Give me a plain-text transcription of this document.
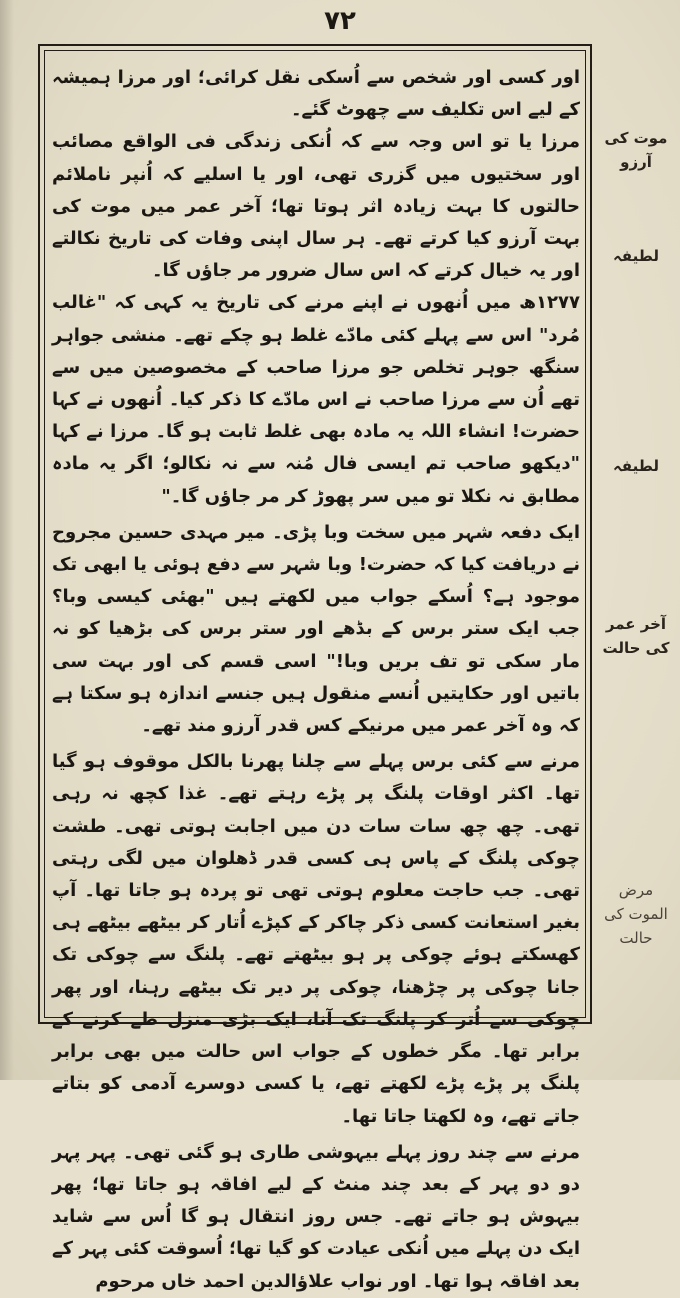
۷۲

اور کسی اور شخص سے اُسکی نقل کرائی؛ اور مرزا ہمیشہ کے لیے اس تکلیف سے چھوٹ گئے۔

مرزا یا تو اس وجہ سے کہ اُنکی زندگی فی الواقع مصائب اور سختیوں میں گزری تھی، اور یا اسلیے کہ اُنپر ناملائم حالتوں کا بہت زیادہ اثر ہوتا تھا؛ آخر عمر میں موت کی بہت آرزو کیا کرتے تھے۔ ہر سال اپنی وفات کی تاریخ نکالتے اور یہ خیال کرتے کہ اس سال ضرور مر جاؤں گا۔

۱۲۷۷ھ میں اُنھوں نے اپنے مرنے کی تاریخ یہ کہی کہ "غالب مُرد" اس سے پہلے کئی مادّے غلط ہو چکے تھے۔ منشی جواہر سنگھ جوہر تخلص جو مرزا صاحب کے مخصوصین میں سے تھے اُن سے مرزا صاحب نے اس مادّے کا ذکر کیا۔ اُنھوں نے کہا حضرت! انشاء اللہ یہ مادہ بھی غلط ثابت ہو گا۔ مرزا نے کہا "دیکھو صاحب تم ایسی فال مُنہ سے نہ نکالو؛ اگر یہ مادہ مطابق نہ نکلا تو میں سر پھوڑ کر مر جاؤں گا۔"

ایک دفعہ شہر میں سخت وبا پڑی۔ میر مہدی حسین مجروح نے دریافت کیا کہ حضرت! وبا شہر سے دفع ہوئی یا ابھی تک موجود ہے؟ اُسکے جواب میں لکھتے ہیں "بھئی کیسی وبا؟ جب ایک ستر برس کے بڈھے اور ستر برس کی بڑھیا کو نہ مار سکی تو تف بریں وبا!" اسی قسم کی اور بہت سی باتیں اور حکایتیں اُنسے منقول ہیں جنسے اندازہ ہو سکتا ہے کہ وہ آخر عمر میں مرنیکے کس قدر آرزو مند تھے۔

مرنے سے کئی برس پہلے سے چلنا پھرنا بالکل موقوف ہو گیا تھا۔ اکثر اوقات پلنگ پر پڑے رہتے تھے۔ غذا کچھ نہ رہی تھی۔ چھ چھ سات سات دن میں اجابت ہوتی تھی۔ طشت چوکی پلنگ کے پاس ہی کسی قدر ڈھلوان میں لگی رہتی تھی۔ جب حاجت معلوم ہوتی تھی تو پردہ ہو جاتا تھا۔ آپ بغیر استعانت کسی ذکر چاکر کے کپڑے اُتار کر بیٹھے بیٹھے ہی کھسکتے ہوئے چوکی پر ہو بیٹھتے تھے۔ پلنگ سے چوکی تک جانا چوکی پر چڑھنا، چوکی پر دیر تک بیٹھے رہنا، اور پھر چوکی سے اُتر کر پلنگ تک آنا، ایک بڑی منزل طے کرنے کے برابر تھا۔ مگر خطوں کے جواب اس حالت میں بھی برابر پلنگ پر پڑے پڑے لکھتے تھے، یا کسی دوسرے آدمی کو بتاتے جاتے تھے، وہ لکھتا جاتا تھا۔

مرنے سے چند روز پہلے بیہوشی طاری ہو گئی تھی۔ پہر پہر دو دو پہر کے بعد چند منٹ کے لیے افاقہ ہو جاتا تھا؛ پھر بیہوش ہو جاتے تھے۔ جس روز انتقال ہو گا اُس سے شاید ایک دن پہلے میں اُنکی عیادت کو گیا تھا؛ اُسوقت کئی پہر کے بعد افاقہ ہوا تھا۔ اور نواب علاؤالدین احمد خاں مرحوم

موت کی آرزو
لطیفہ
لطیفہ
آخر عمر کی حالت
مرض الموت کی حالت
